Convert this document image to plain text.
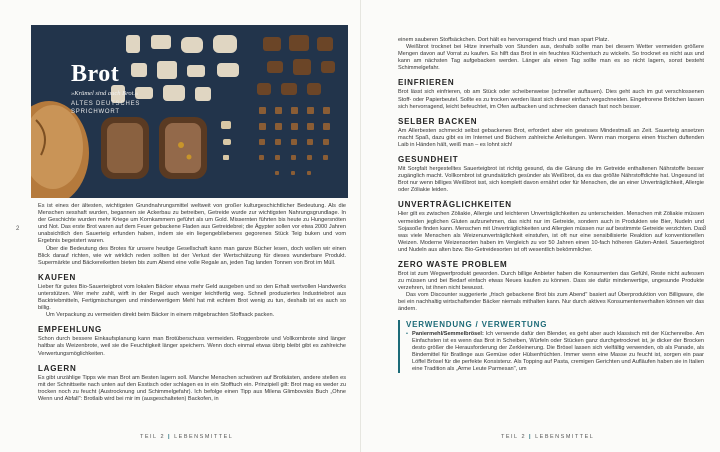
Brot
»Krümel sind auch Brot.«
ALTES DEUTSCHES SPRICHWORT

Es ist eines der ältesten, wichtigsten Grundnahrungsmittel weltweit von großer kulturgeschichtlicher Bedeutung. Als die Menschen sesshaft wurden, begannen sie Ackerbau zu betreiben, Getreide wurde zur wichtigsten Nahrungsgrundlage. In der Geschichte wurden mehr Kriege um Kornkammern geführt als um Gold. Missernten führten bis heute zu Hungersnöten und Not. Das erste Brot waren auf dem Feuer gebackene Fladen aus Getreidebrei; die Ägypter sollen vor etwa 2000 Jahren unabsichtlich den Sauerteig erfunden haben, indem sie ein liegengebliebenes gegorenes Stück Teig buken und vom Ergebnis begeistert waren.

Über die Bedeutung des Brotes für unsere heutige Gesellschaft kann man ganze Bücher lesen, doch wollen wir einen Blick darauf richten, wie wir wirklich reden sollten ist der Verlust der Wertschätzung für dieses wunderbare Produkt. Supermärkte und Bäckereiketten bieten bis zum Abend eine volle Regale an, jeden Tag landen Tonnen von Brot im Müll.

KAUFEN

Lieber für gutes Bio-Sauerteigbrot vom lokalen Bäcker etwas mehr Geld ausgeben und so den Erhalt wertvollen Handwerks unterstützen. Wer mehr zahlt, wirft in der Regel auch weniger leichtfertig weg. Schnell produziertes Industriebrot aus Backtriebmitteln, Fertigmischungen und minderwertigem Mehl hat mit echtem Brot wenig zu tun, deshalb ist es auch so billig.

Um Verpackung zu vermeiden direkt beim Bäcker in einem mitgebrachten Stoffsack packen.

EMPFEHLUNG

Schon durch bessere Einkaufsplanung kann man Brotüberschuss vermeiden. Roggenbrote und Vollkornbrote sind länger haltbar als Weizenbrote, weil sie die Feuchtigkeit länger speichern. Wenn doch einmal etwas übrig bleibt gibt es zahlreiche Verwertungsmöglichkeiten.

LAGERN

Es gibt unzählige Tipps wie man Brot am Besten lagern soll. Manche Menschen schwören auf Brotkästen, andere stellen es mit der Schnittseite nach unten auf den Esstisch oder schlagen es in ein Stofftuch ein. Prinzipiell gilt: Brot mag es weder zu trocken noch zu feucht (Austrocknung und Schimmelgefahr). Ich befolge einen Tipp aus Milena Glimbovskis Buch „Ohne Wenn und Abfall": Brotlaib wird bei mir im (ausgeschalteten) Backofen, in

2
TEIL 2 | LEBENSMITTEL
3
TEIL 2 | LEBENSMITTEL

einem sauberen Stoffsäckchen. Dort hält es hervorragend frisch und man spart Platz.

Weißbrot trocknet bei Hitze innerhalb von Stunden aus, deshalb sollte man bei diesem Wetter vermeiden größere Mengen davon auf Vorrat zu kaufen. Es hilft das Brot in ein feuchtes Küchentuch zu wickeln. So trocknet es nicht aus und kann am nächsten Tag aufgebacken werden. Länger als einen Tag sollte man es so nicht lagern, sonst besteht Schimmelgefahr.

EINFRIEREN

Brot lässt sich einfrieren, ob am Stück oder scheibenweise (schneller auftauen). Dies geht auch im gut verschlossenen Stoff- oder Papierbeutel. Sollte es zu trocken werden lässt sich dieser einfach wegschneiden. Eingefrorene Brötchen lassen sich hervorragend, leicht befeuchtet, im Ofen aufbacken und schmecken danach fast noch besser.

SELBER BACKEN

Am Allerbesten schmeckt selbst gebackenes Brot, erfordert aber ein gewisses Mindestmaß an Zeit. Sauerteig ansetzen macht Spaß, dazu gibt es im Internet und Büchern zahlreiche Anleitungen. Wenn man morgens einen frischen duftenden Laib in Händen hält, weiß man – es lohnt sich!

GESUNDHEIT

Mit Sorgfalt hergestelltes Sauerteigbrot ist richtig gesund, da die Gärung die im Getreide enthaltenen Nährstoffe besser zugänglich macht. Vollkornbrot ist grundsätzlich gesünder als Weißbrot, da es das größte Nährstoffdichte hat. Ungesund ist Brot nur wenn billiges Weißbrot isst, sich komplett davon ernährt oder für Menschen, die an einer Unverträglichkeit, Allergie oder Zöliakie leiden.

UNVERTRÄGLICHKEITEN

Hier gilt es zwischen Zöliakie, Allergie und leichteren Unverträglichkeiten zu unterscheiden. Menschen mit Zöliakie müssen vermeiden jeglichen Gluten aufzunehmen, das nicht nur im Getreide, sondern auch in Produkten wie Bier, Nudeln und Sojasoße finden kann. Menschen mit Unverträglichkeiten und Allergien müssen nur auf bestimmte Getreide verzichten. Das was viele Menschen als Weizenunverträglichkeit einstufen, ist oft nur eine sensibilisierte Reaktion auf konventionellen Weizen. Moderne Weizensorten haben im Vergleich zu vor 50 Jahren einen 10-fach höheren Gluten-Anteil. Sauerteigbrot und Nudeln aus alten bzw. Bio-Getreidesorten ist oft wesentlich bekömmlicher.

ZERO WASTE PROBLEM

Brot ist zum Wegwerfprodukt geworden. Durch billige Anbieter haben die Konsumenten das Gefühl, Reste nicht aufessen zu müssen und bei Bedarf einfach etwas Neues kaufen zu können. Dass sie dafür minderwertige, ungesunde Produkte verzehren, ist ihnen nicht bewusst.

Das vom Discounter suggerierte „frisch gebackene Brot bis zum Abend" basiert auf Überproduktion von Billigware, die bei ein nachhaltig wirtschaftender Bäcker niemals mithalten kann. Nur durch aktives Konsumentenverhalten können wir das ändern.

VERWENDUNG / VERWERTUNG
• Paniermehl/Semmelbrösel: Ich verwende dafür den Blender, es geht aber auch klassisch mit der Küchenreibe. Am Einfachsten ist es wenn das Brot in Scheiben, Würfeln oder Stücken ganz durchgetrocknet ist, je dicker der Brocken desto größer die Herausforderung der Zerkleinerung. Die Brösel lassen sich vielfältig verwenden, ob als Panade, als Bindemittel für Bratlinge aus Gemüse oder Hülsenfrüchten. Immer wenn eine Masse zu feucht ist, sorgen ein paar Löffel Brösel für die perfekte Konsistenz. Als Topping auf Pasta, cremigen Gerichten und Aufläufen haben sie in Italien eine Tradition als „Arme Leute Parmesan", um
